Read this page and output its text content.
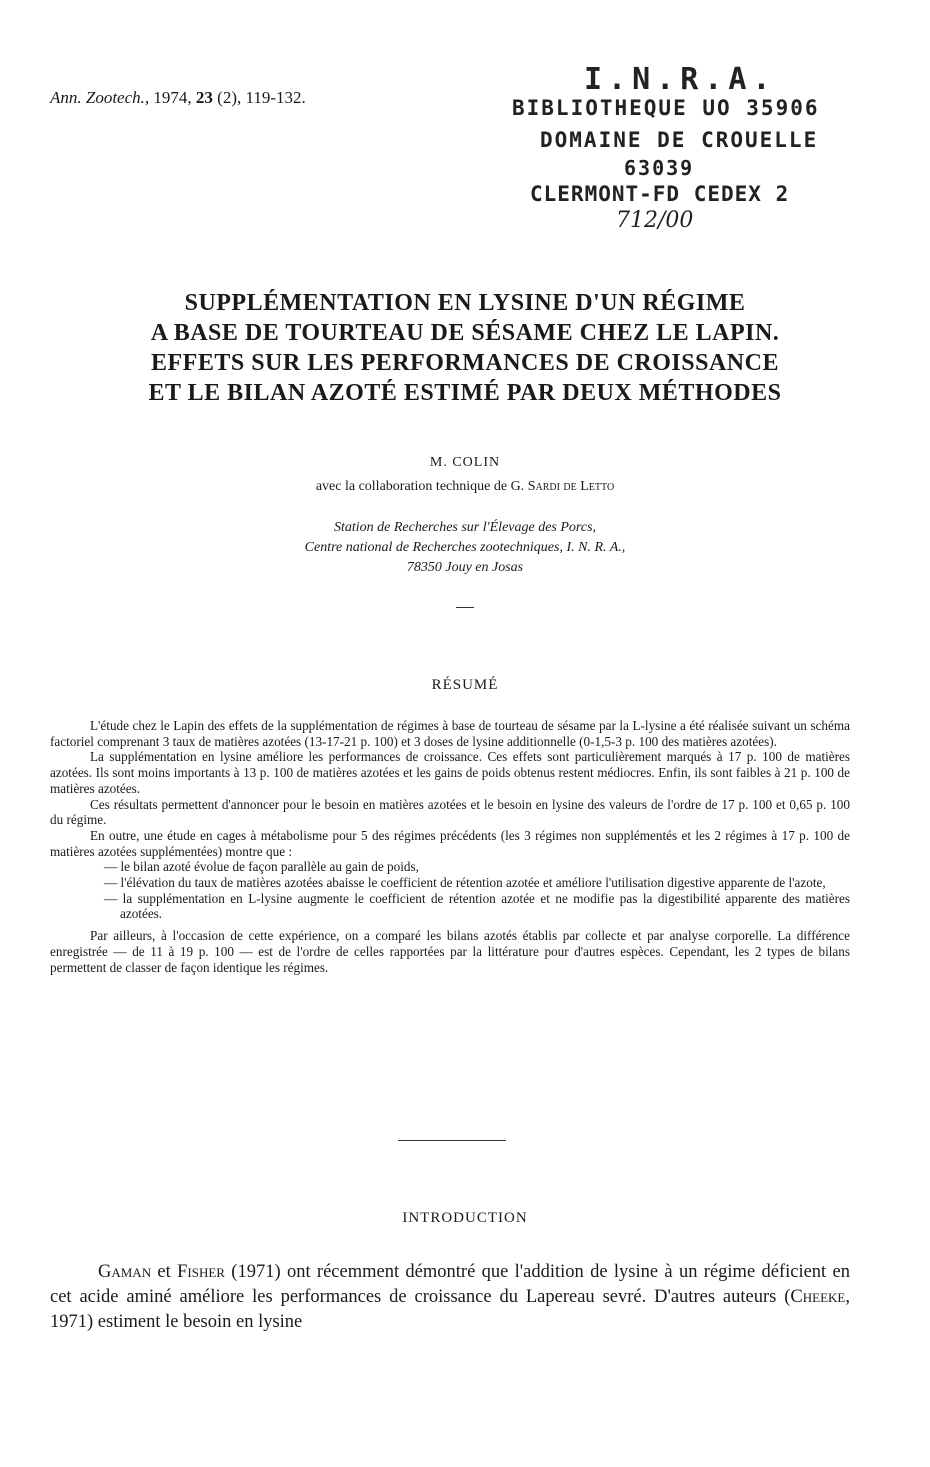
Ann. Zootech., 1974, 23 (2), 119-132.
I.N.R.A.
BIBLIOTHEQUE UO 35906
DOMAINE DE CROUELLE
63039
CLERMONT-FD CEDEX 2
712/00
SUPPLÉMENTATION EN LYSINE D'UN RÉGIME
A BASE DE TOURTEAU DE SÉSAME CHEZ LE LAPIN.
EFFETS SUR LES PERFORMANCES DE CROISSANCE
ET LE BILAN AZOTÉ ESTIMÉ PAR DEUX MÉTHODES
M. COLIN
avec la collaboration technique de G. Sardi de Letto
Station de Recherches sur l'Élevage des Porcs,
Centre national de Recherches zootechniques, I. N. R. A.,
78350 Jouy en Josas
RÉSUMÉ

L'étude chez le Lapin des effets de la supplémentation de régimes à base de tourteau de sésame par la L-lysine a été réalisée suivant un schéma factoriel comprenant 3 taux de matières azotées (13-17-21 p. 100) et 3 doses de lysine additionnelle (0-1,5-3 p. 100 des matières azotées).

La supplémentation en lysine améliore les performances de croissance. Ces effets sont particulièrement marqués à 17 p. 100 de matières azotées. Ils sont moins importants à 13 p. 100 de matières azotées et les gains de poids obtenus restent médiocres. Enfin, ils sont faibles à 21 p. 100 de matières azotées.

Ces résultats permettent d'annoncer pour le besoin en matières azotées et le besoin en lysine des valeurs de l'ordre de 17 p. 100 et 0,65 p. 100 du régime.

En outre, une étude en cages à métabolisme pour 5 des régimes précédents (les 3 régimes non supplémentés et les 2 régimes à 17 p. 100 de matières azotées supplémentées) montre que :

— le bilan azoté évolue de façon parallèle au gain de poids,
— l'élévation du taux de matières azotées abaisse le coefficient de rétention azotée et améliore l'utilisation digestive apparente de l'azote,
— la supplémentation en L-lysine augmente le coefficient de rétention azotée et ne modifie pas la digestibilité apparente des matières azotées.

Par ailleurs, à l'occasion de cette expérience, on a comparé les bilans azotés établis par collecte et par analyse corporelle. La différence enregistrée — de 11 à 19 p. 100 — est de l'ordre de celles rapportées par la littérature pour d'autres espèces. Cependant, les 2 types de bilans permettent de classer de façon identique les régimes.

INTRODUCTION

Gaman et Fisher (1971) ont récemment démontré que l'addition de lysine à un régime déficient en cet acide aminé améliore les performances de croissance du Lapereau sevré. D'autres auteurs (Cheeke, 1971) estiment le besoin en lysine
